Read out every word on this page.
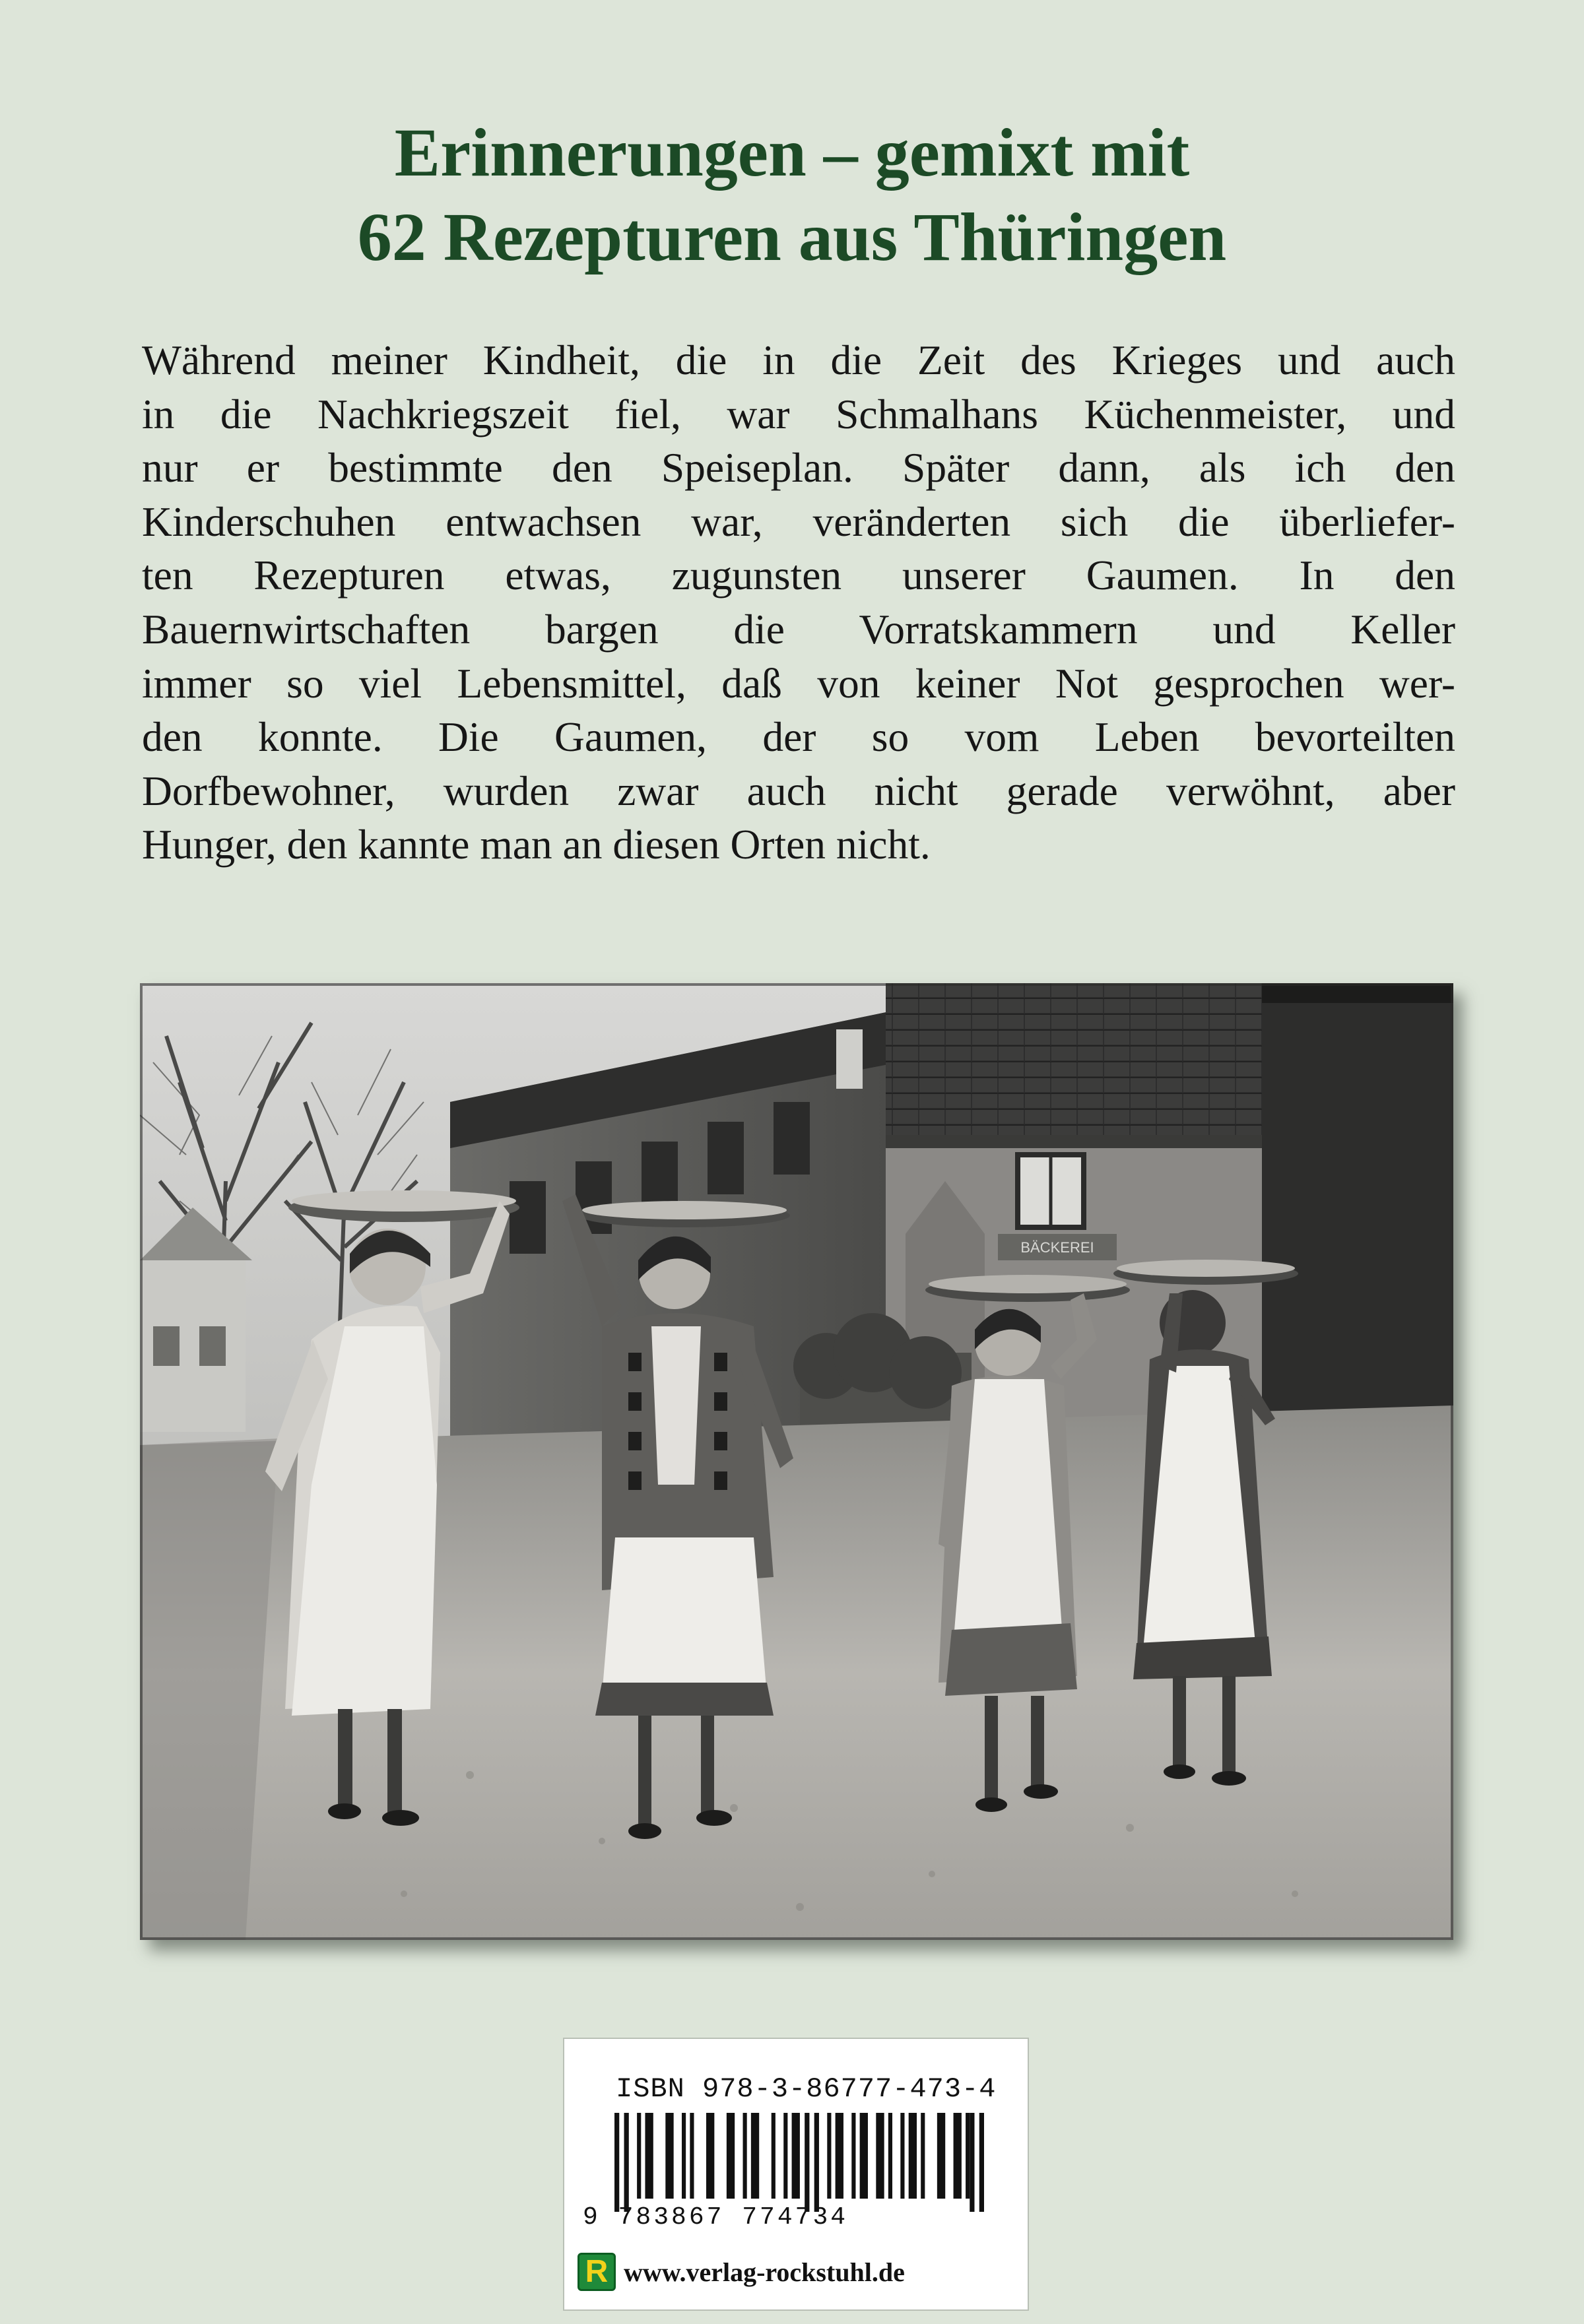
Erinnerungen – gemixt mit
62 Rezepturen aus Thüringen
Während meiner Kindheit, die in die Zeit des Krieges und auch
in die Nachkriegszeit fiel, war Schmalhans Küchenmeister, und
nur er bestimmte den Speiseplan. Später dann, als ich den
Kinderschuhen entwachsen war, veränderten sich die überliefer-
ten Rezepturen etwas, zugunsten unserer Gaumen. In den
Bauernwirtschaften bargen die Vorratskammern und Keller
immer so viel Lebensmittel, daß von keiner Not gesprochen wer-
den konnte. Die Gaumen, der so vom Leben bevorteilten
Dorfbewohner, wurden zwar auch nicht gerade verwöhnt, aber
Hunger, den kannte man an diesen Orten nicht.
BÄCKEREI
ISBN 978-3-86777-473-4
9 783867 774734
R www.verlag-rockstuhl.de
